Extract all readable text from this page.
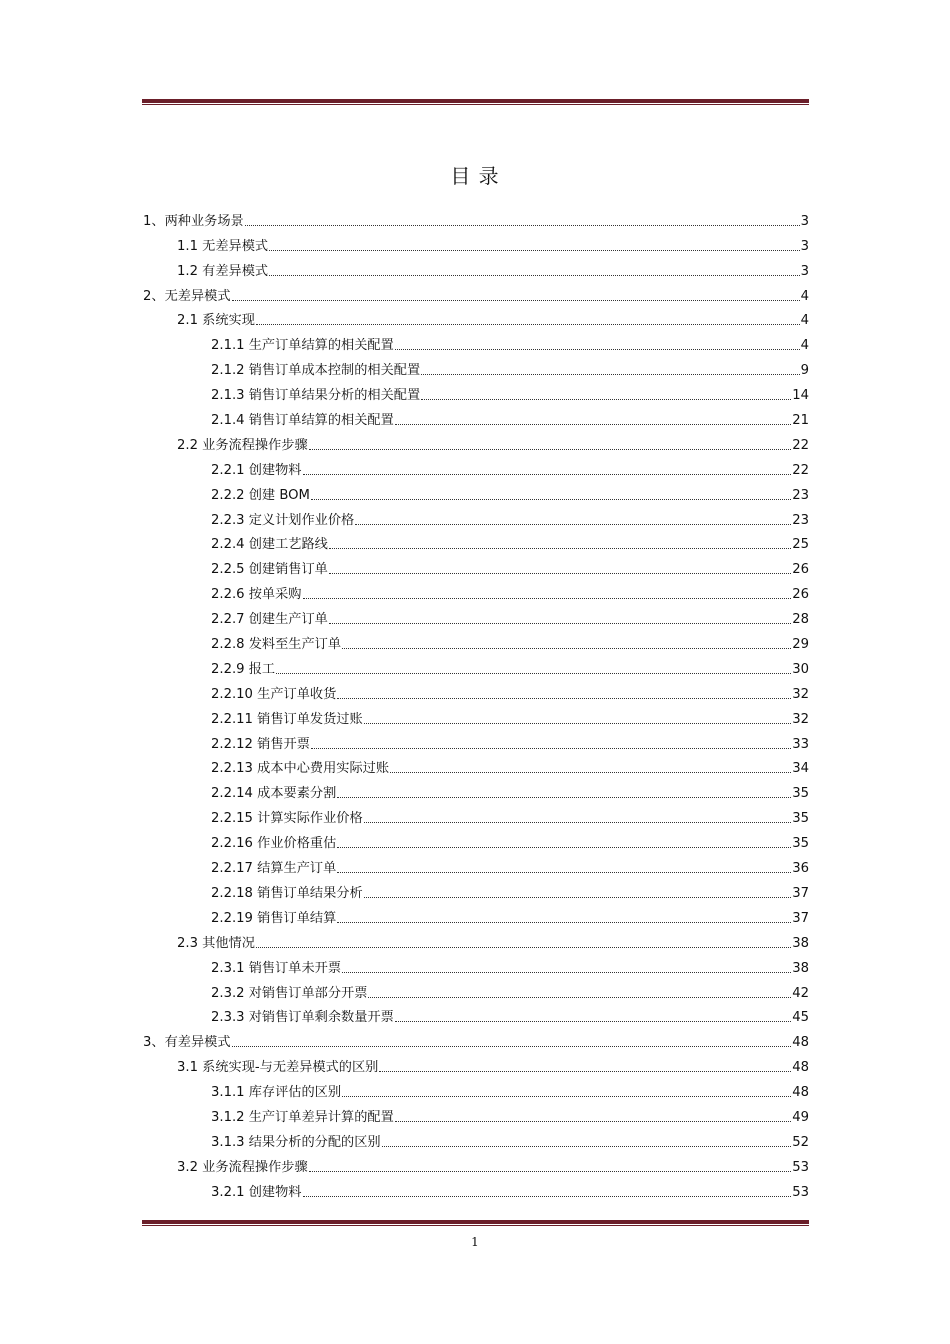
目 录
1、两种业务场景	3
1.1 无差异模式	3
1.2 有差异模式	3
2、无差异模式	4
2.1 系统实现	4
2.1.1 生产订单结算的相关配置	4
2.1.2 销售订单成本控制的相关配置	9
2.1.3 销售订单结果分析的相关配置	14
2.1.4 销售订单结算的相关配置	21
2.2 业务流程操作步骤	22
2.2.1 创建物料	22
2.2.2 创建 BOM	23
2.2.3 定义计划作业价格	23
2.2.4 创建工艺路线	25
2.2.5 创建销售订单	26
2.2.6 按单采购	26
2.2.7 创建生产订单	28
2.2.8 发料至生产订单	29
2.2.9 报工	30
2.2.10 生产订单收货	32
2.2.11 销售订单发货过账	32
2.2.12 销售开票	33
2.2.13 成本中心费用实际过账	34
2.2.14 成本要素分割	35
2.2.15 计算实际作业价格	35
2.2.16 作业价格重估	35
2.2.17 结算生产订单	36
2.2.18 销售订单结果分析	37
2.2.19 销售订单结算	37
2.3 其他情况	38
2.3.1 销售订单未开票	38
2.3.2 对销售订单部分开票	42
2.3.3 对销售订单剩余数量开票	45
3、有差异模式	48
3.1 系统实现-与无差异模式的区别	48
3.1.1 库存评估的区别	48
3.1.2 生产订单差异计算的配置	49
3.1.3 结果分析的分配的区别	52
3.2 业务流程操作步骤	53
3.2.1 创建物料	53
1
